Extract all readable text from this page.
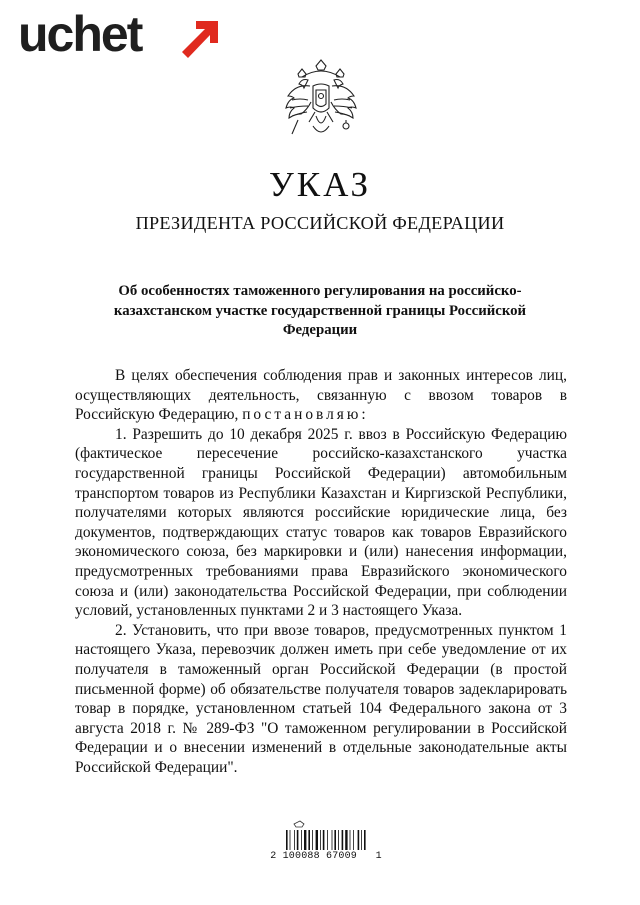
uchet
УКАЗ
ПРЕЗИДЕНТА РОССИЙСКОЙ ФЕДЕРАЦИИ
Об особенностях таможенного регулирования на российско-казахстанском участке государственной границы Российской Федерации

В целях обеспечения соблюдения прав и законных интересов лиц, осуществляющих деятельность, связанную с ввозом товаров в Российскую Федерацию, постановляю:

1. Разрешить до 10 декабря 2025 г. ввоз в Российскую Федерацию (фактическое пересечение российско-казахстанского участка государственной границы Российской Федерации) автомобильным транспортом товаров из Республики Казахстан и Киргизской Республики, получателями которых являются российские юридические лица, без документов, подтверждающих статус товаров как товаров Евразийского экономического союза, без маркировки и (или) нанесения информации, предусмотренных требованиями права Евразийского экономического союза и (или) законодательства Российской Федерации, при соблюдении условий, установленных пунктами 2 и 3 настоящего Указа.

2. Установить, что при ввозе товаров, предусмотренных пунктом 1 настоящего Указа, перевозчик должен иметь при себе уведомление от их получателя в таможенный орган Российской Федерации (в простой письменной форме) об обязательстве получателя товаров задекларировать товар в порядке, установленном статьей 104 Федерального закона от 3 августа 2018 г. № 289-ФЗ "О таможенном регулировании в Российской Федерации и о внесении изменений в отдельные законодательные акты Российской Федерации".

2 100088 67009   1
